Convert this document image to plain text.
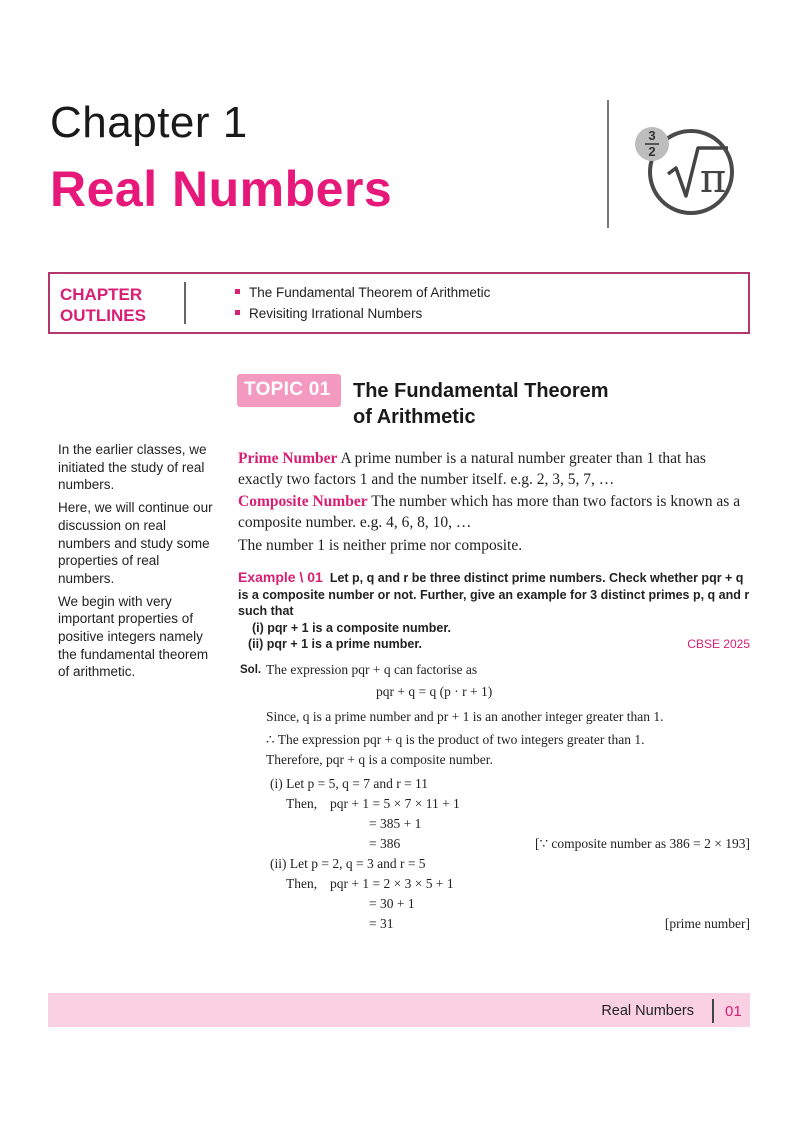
Chapter 1
Real Numbers
3
2
π
CHAPTER
OUTLINES
The Fundamental Theorem of Arithmetic
Revisiting Irrational Numbers
TOPIC 01 The Fundamental Theorem
of Arithmetic

In the earlier classes, we initiated the study of real numbers.

Here, we will continue our discussion on real numbers and study some properties of real numbers.

We begin with very important properties of positive integers namely the fundamental theorem of arithmetic.

Prime Number A prime number is a natural number greater than 1 that has exactly two factors 1 and the number itself. e.g. 2, 3, 5, 7, …
Composite Number The number which has more than two factors is known as a composite number. e.g. 4, 6, 8, 10, …
The number 1 is neither prime nor composite.
Example \ 01 Let p, q and r be three distinct prime numbers. Check whether pqr + q
is a composite number or not. Further, give an example for 3 distinct primes p, q and r
such that
(i) pqr + 1 is a composite number.
(ii) pqr + 1 is a prime number.	CBSE 2025
Sol. The expression pqr + q can factorise as
pqr + q = q (p · r + 1)
Since, q is a prime number and pr + 1 is an another integer greater than 1.
∴ The expression pqr + q is the product of two integers greater than 1.
Therefore, pqr + q is a composite number.
(i) Let p = 5, q = 7 and r = 11
Then, pqr + 1 = 5 × 7 × 11 + 1
= 385 + 1
= 386	[∵ composite number as 386 = 2 × 193]
(ii) Let p = 2, q = 3 and r = 5
Then, pqr + 1 = 2 × 3 × 5 + 1
= 30 + 1
= 31	[prime number]
Real Numbers 01
